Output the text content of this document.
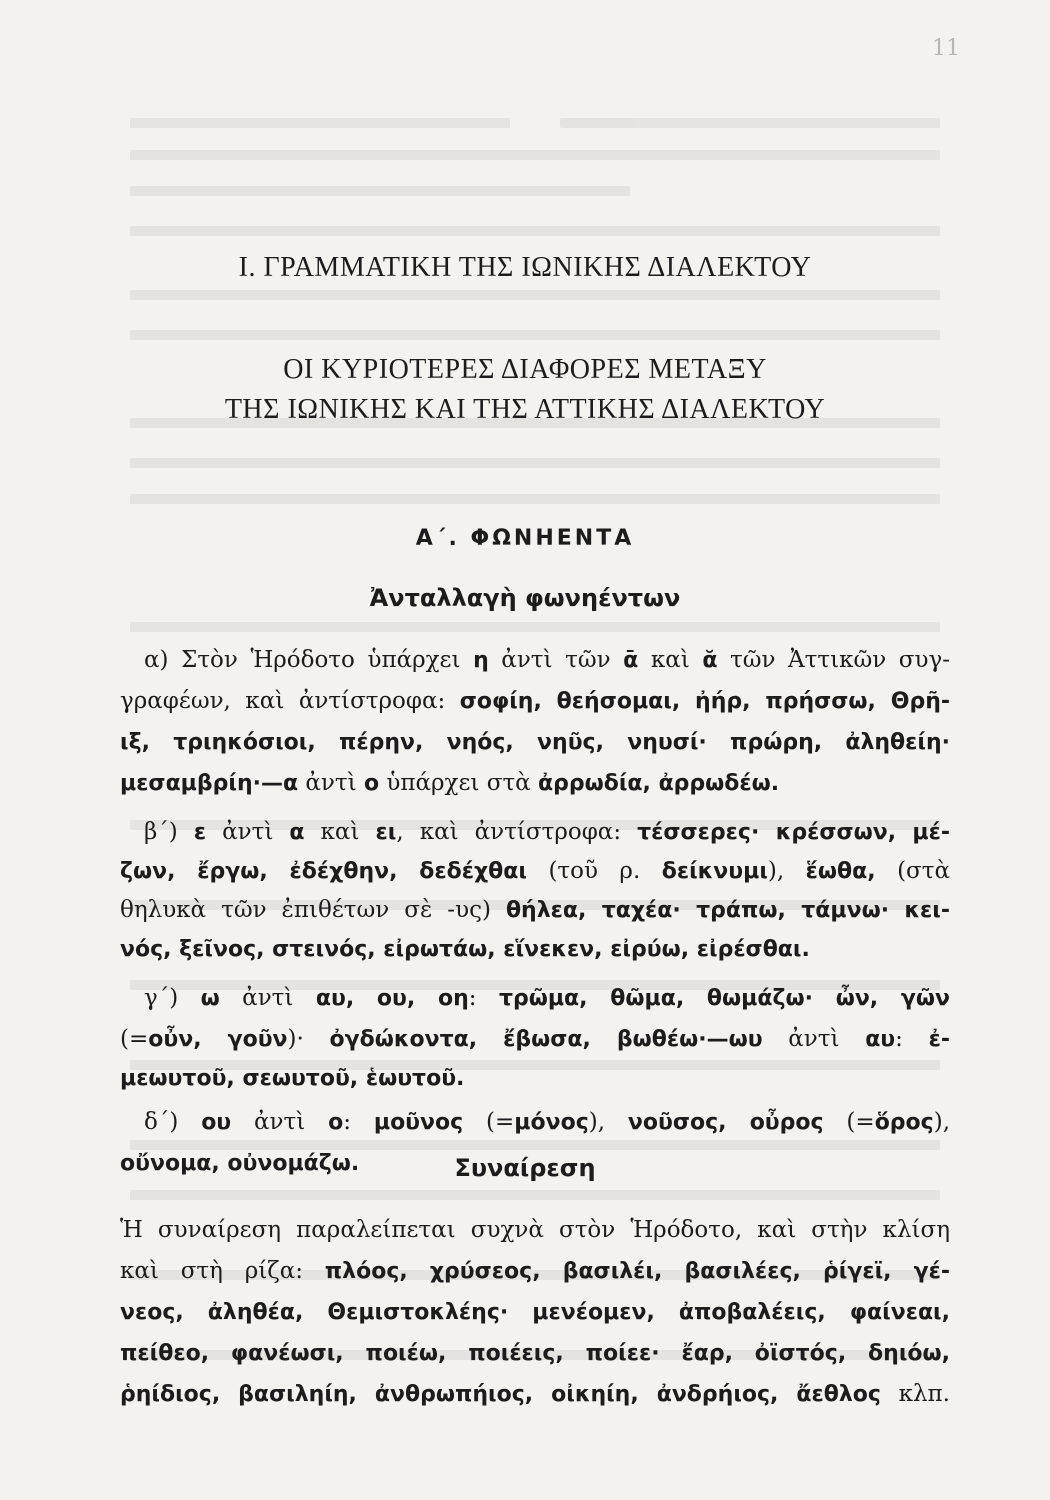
11
Ι. ΓΡΑΜΜΑΤΙΚΗ ΤΗΣ ΙΩΝΙΚΗΣ ΔΙΑΛΕΚΤΟΥ
ΟΙ ΚΥΡΙΟΤΕΡΕΣ ΔΙΑΦΟΡΕΣ ΜΕΤΑΞΥ
ΤΗΣ ΙΩΝΙΚΗΣ ΚΑΙ ΤΗΣ ΑΤΤΙΚΗΣ ΔΙΑΛΕΚΤΟΥ
Α΄. ΦΩΝΗΕΝΤΑ
Ἀνταλλαγὴ φωνηέντων
Συναίρεση
α) Στὸν Ἡρόδοτο ὑπάρχει η ἀντὶ τῶν ᾱ καὶ ᾰ τῶν Ἀττικῶν συγ-
γραφέων, καὶ ἀντίστροφα: σοφίη, θεήσομαι, ἠήρ, πρήσσω, Θρῆ-
ιξ, τριηκόσιοι, πέρην, νηός, νηῦς, νηυσί· πρώρη, ἀληθείη·
μεσαμβρίη·—α ἀντὶ ο ὑπάρχει στὰ ἀρρωδία, ἀρρωδέω.
β΄) ε ἀντὶ α καὶ ει, καὶ ἀντίστροφα: τέσσερες· κρέσσων, μέ-
ζων, ἔργω, ἐδέχθην, δεδέχθαι (τοῦ ρ. δείκνυμι), ἕωθα, (στὰ
θηλυκὰ τῶν ἐπιθέτων σὲ -υς) θήλεα, ταχέα· τράπω, τάμνω· κει-
νός, ξεῖνος, στεινός, εἰρωτάω, εἵνεκεν, εἰρύω, εἰρέσθαι.
γ΄) ω ἀντὶ αυ, ου, οη: τρῶμα, θῶμα, θωμάζω· ὦν, γῶν
(=οὖν, γοῦν)· ὀγδώκοντα, ἔβωσα, βωθέω·—ωυ ἀντὶ αυ: ἐ-
μεωυτοῦ, σεωυτοῦ, ἑωυτοῦ.
δ΄) ου ἀντὶ ο: μοῦνος (=μόνος), νοῦσος, οὖρος (=ὅρος),
οὔνομα, οὐνομάζω.
Ἡ συναίρεση παραλείπεται συχνὰ στὸν Ἡρόδοτο, καὶ στὴν κλίση
καὶ στὴ ρίζα: πλόος, χρύσεος, βασιλέι, βασιλέες, ῥίγεϊ, γέ-
νεος, ἀληθέα, Θεμιστοκλέης· μενέομεν, ἀποβαλέεις, φαίνεαι,
πείθεο, φανέωσι, ποιέω, ποιέεις, ποίεε· ἔαρ, ὀϊστός, δηιόω,
ῥηίδιος, βασιληίη, ἀνθρωπήιος, οἰκηίη, ἀνδρήιος, ἄεθλος κλπ.
